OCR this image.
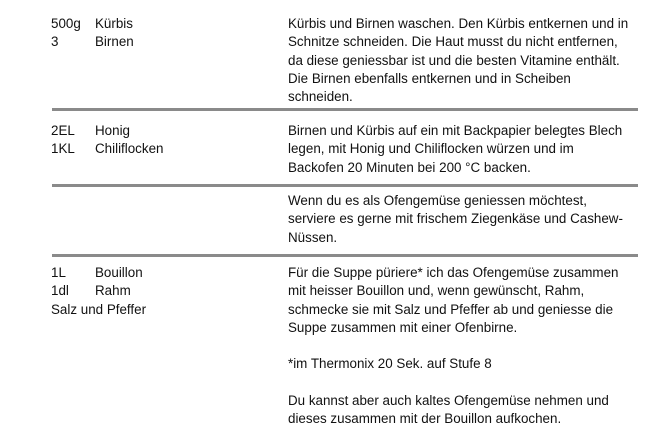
500g Kürbis
3	Birnen

Kürbis und Birnen waschen. Den Kürbis entkernen und in Schnitze schneiden. Die Haut musst du nicht entfernen, da diese geniessbar ist und die besten Vitamine enthält. Die Birnen ebenfalls entkernen und in Scheiben schneiden.

2EL Honig
1KL Chiliflocken

Birnen und Kürbis auf ein mit Backpapier belegtes Blech legen, mit Honig und Chiliflocken würzen und im Backofen 20 Minuten bei 200 °C backen.

Wenn du es als Ofengemüse geniessen möchtest, serviere es gerne mit frischem Ziegenkäse und Cashew-Nüssen.

1L Bouillon
1dl Rahm
Salz und Pfeffer

Für die Suppe püriere* ich das Ofengemüse zusammen mit heisser Bouillon und, wenn gewünscht, Rahm, schmecke sie mit Salz und Pfeffer ab und geniesse die Suppe zusammen mit einer Ofenbirne.

*im Thermonix 20 Sek. auf Stufe 8

Du kannst aber auch kaltes Ofengemüse nehmen und dieses zusammen mit der Bouillon aufkochen.
